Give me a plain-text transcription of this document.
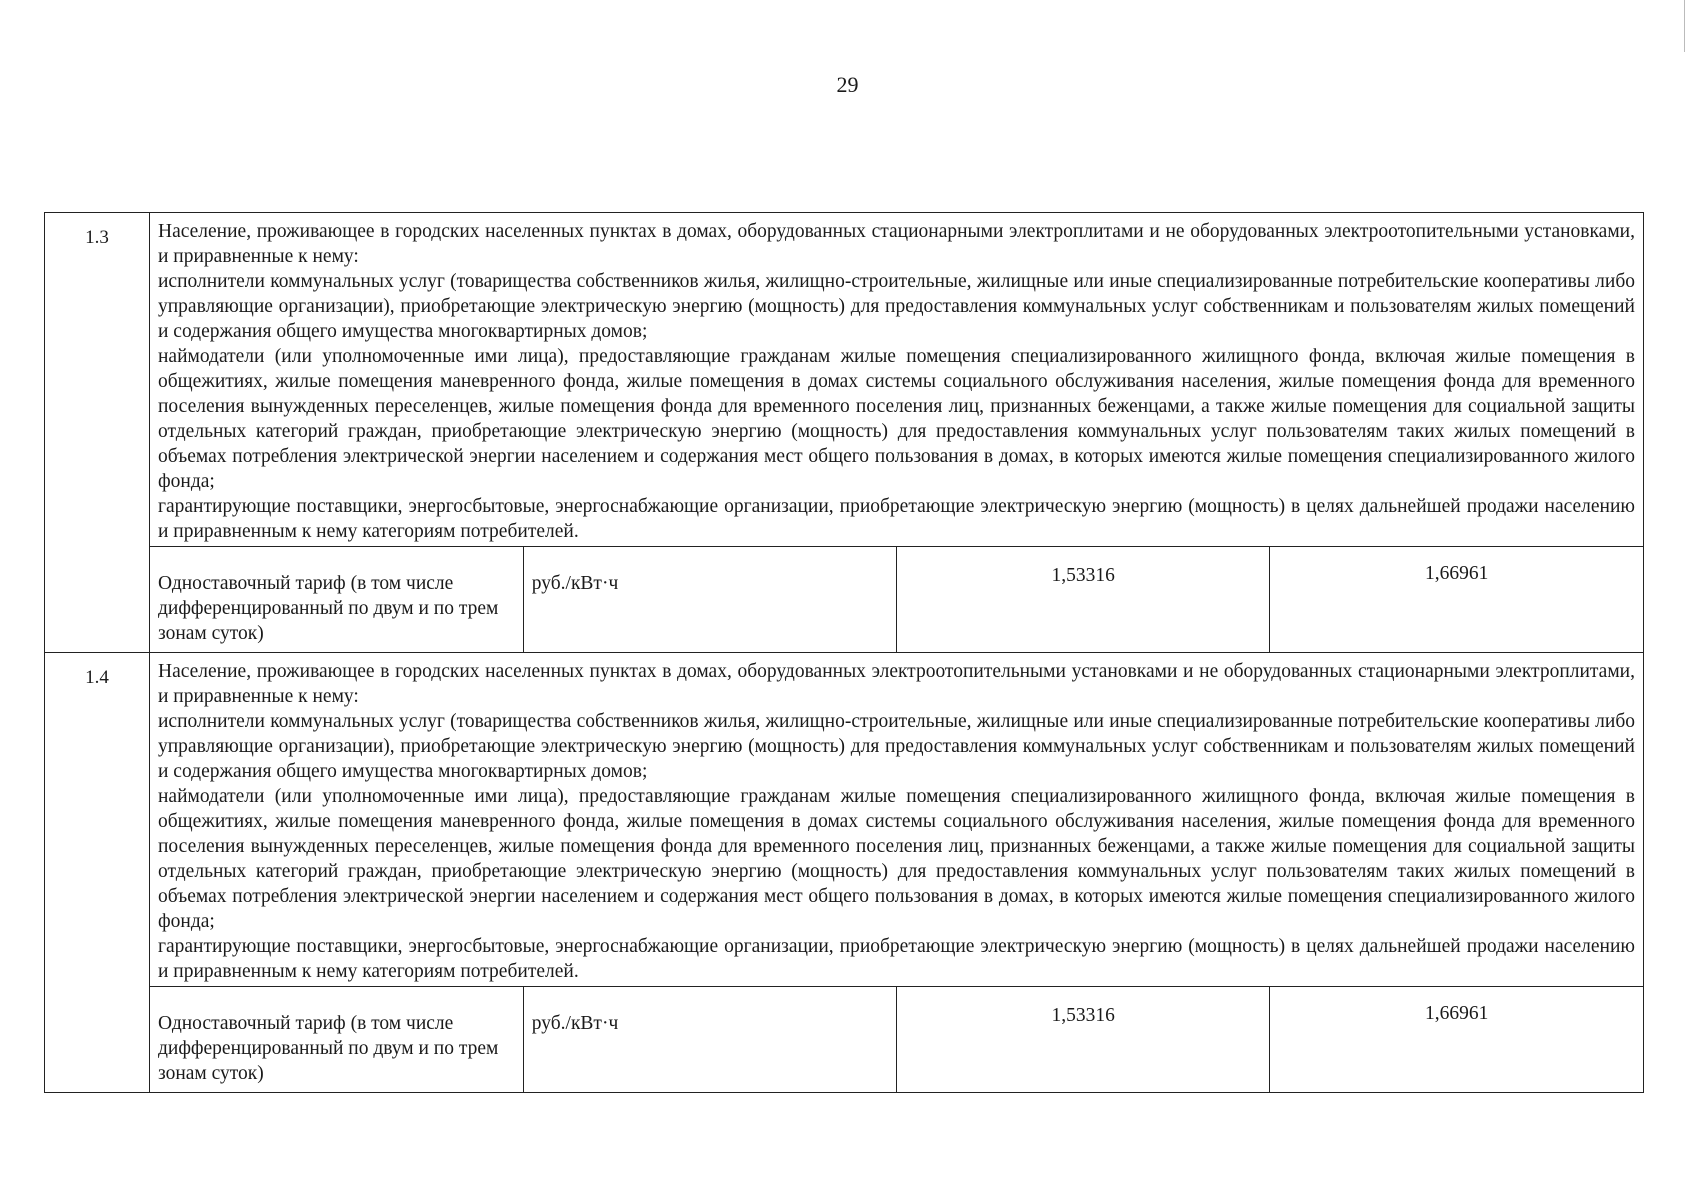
29
1.3		Население, проживающее в городских населенных пунктах в домах, оборудованных стационарными электроплитами и не оборудованных электроотопительными установками, и приравненные к нему:

исполнители коммунальных услуг (товарищества собственников жилья, жилищно-строительные, жилищные или иные специализированные потребительские кооперативы либо управляющие организации), приобретающие электрическую энергию (мощность) для предоставления коммунальных услуг собственникам и пользователям жилых помещений и содержания общего имущества многоквартирных домов;

наймодатели (или уполномоченные ими лица), предоставляющие гражданам жилые помещения специализированного жилищного фонда, включая жилые помещения в общежитиях, жилые помещения маневренного фонда, жилые помещения в домах системы социального обслуживания населения, жилые помещения фонда для временного поселения вынужденных переселенцев, жилые помещения фонда для временного поселения лиц, признанных беженцами, а также жилые помещения для социальной защиты отдельных категорий граждан, приобретающие электрическую энергию (мощность) для предоставления коммунальных услуг пользователям таких жилых помещений в объемах потребления электрической энергии населением и содержания мест общего пользования в домах, в которых имеются жилые помещения специализированного жилого фонда;

гарантирующие поставщики, энергосбытовые, энергоснабжающие организации, приобретающие электрическую энергию (мощность) в целях дальнейшей продажи населению и приравненным к нему категориям потребителей.

Одноставочный тариф (в том числе дифференцированный по двум и по трем зонам суток)	руб./кВт·ч	1,53316	1,66961

1.4		Население, проживающее в городских населенных пунктах в домах, оборудованных электроотопительными установками и не оборудованных стационарными электроплитами, и приравненные к нему:

исполнители коммунальных услуг (товарищества собственников жилья, жилищно-строительные, жилищные или иные специализированные потребительские кооперативы либо управляющие организации), приобретающие электрическую энергию (мощность) для предоставления коммунальных услуг собственникам и пользователям жилых помещений и содержания общего имущества многоквартирных домов;

наймодатели (или уполномоченные ими лица), предоставляющие гражданам жилые помещения специализированного жилищного фонда, включая жилые помещения в общежитиях, жилые помещения маневренного фонда, жилые помещения в домах системы социального обслуживания населения, жилые помещения фонда для временного поселения вынужденных переселенцев, жилые помещения фонда для временного поселения лиц, признанных беженцами, а также жилые помещения для социальной защиты отдельных категорий граждан, приобретающие электрическую энергию (мощность) для предоставления коммунальных услуг пользователям таких жилых помещений в объемах потребления электрической энергии населением и содержания мест общего пользования в домах, в которых имеются жилые помещения специализированного жилого фонда;

гарантирующие поставщики, энергосбытовые, энергоснабжающие организации, приобретающие электрическую энергию (мощность) в целях дальнейшей продажи населению и приравненным к нему категориям потребителей.

Одноставочный тариф (в том числе дифференцированный по двум и по трем зонам суток)	руб./кВт·ч	1,53316	1,66961
